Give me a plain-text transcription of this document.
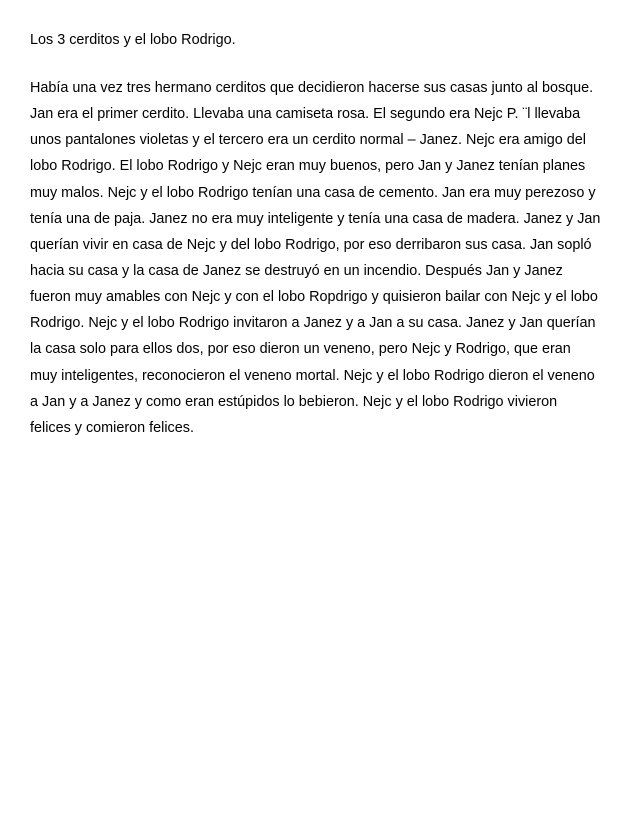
Los 3 cerditos y el lobo Rodrigo.
Había una vez tres hermano cerditos que decidieron hacerse sus casas junto al bosque.
Jan era el primer cerdito. Llevaba una camiseta rosa. El segundo era Nejc P. ¨l llevaba
unos pantalones violetas y el tercero era un cerdito normal – Janez. Nejc era amigo del
lobo Rodrigo. El lobo Rodrigo y Nejc eran muy buenos, pero Jan y Janez tenían planes
muy malos. Nejc y el lobo Rodrigo tenían una casa de cemento. Jan era muy perezoso y
tenía una de paja. Janez no era muy inteligente y tenía una casa de madera. Janez y Jan
querían vivir en casa de Nejc y del lobo Rodrigo, por eso derribaron sus casa. Jan sopló
hacia su casa y la casa de Janez se destruyó en un incendio. Después Jan y Janez
fueron muy amables con Nejc y con el lobo Ropdrigo y quisieron bailar con Nejc y el lobo
Rodrigo. Nejc y el lobo Rodrigo invitaron a Janez y a Jan a su casa. Janez y Jan querían
la casa solo para ellos dos, por eso dieron un veneno, pero Nejc y Rodrigo, que eran
muy inteligentes, reconocieron el veneno mortal. Nejc y el lobo Rodrigo dieron el veneno
a Jan y a Janez y como eran estúpidos lo bebieron. Nejc y el lobo Rodrigo vivieron
felices y comieron felices.
